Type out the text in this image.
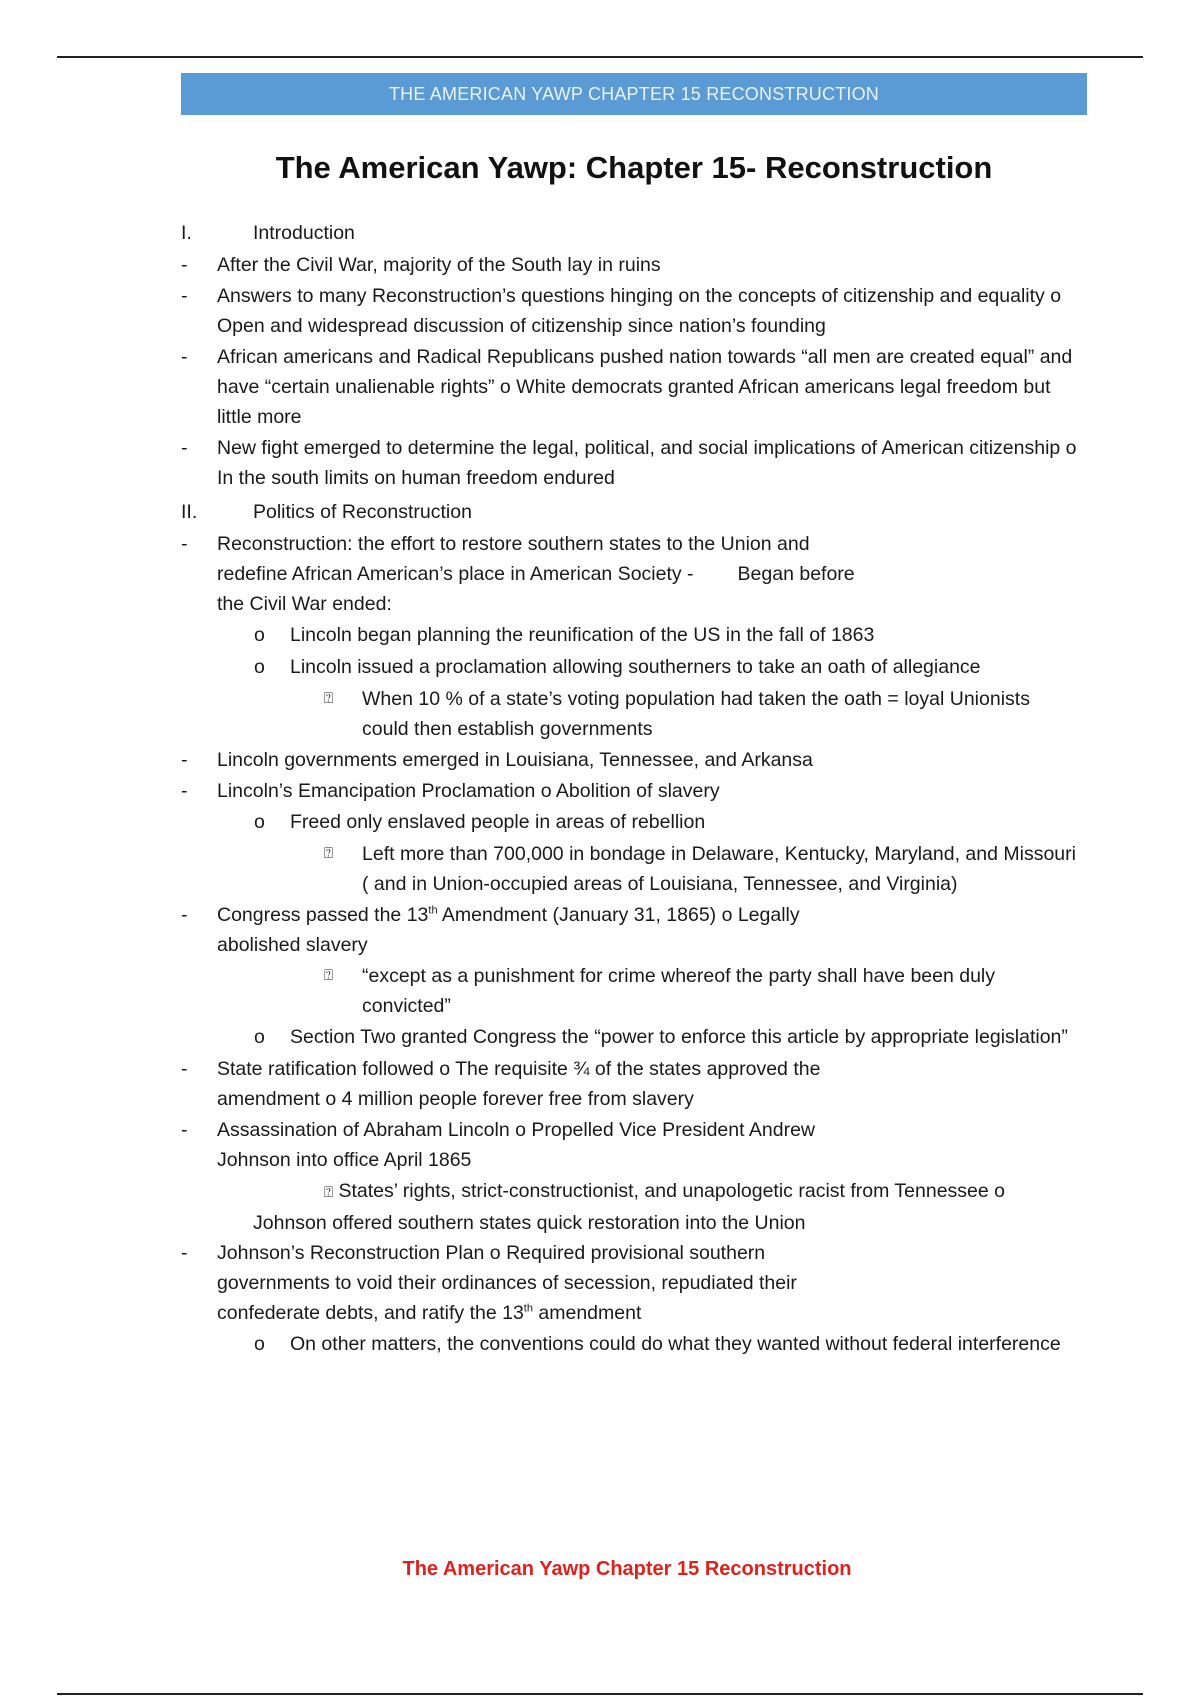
THE AMERICAN YAWP CHAPTER 15 RECONSTRUCTION
The American Yawp: Chapter 15- Reconstruction
I.	Introduction
- After the Civil War, majority of the South lay in ruins
- Answers to many Reconstruction’s questions hinging on the concepts of citizenship and equality o Open and widespread discussion of citizenship since nation’s founding
- African americans and Radical Republicans pushed nation towards “all men are created equal” and have “certain unalienable rights” o White democrats granted African americans legal freedom but little more
- New fight emerged to determine the legal, political, and social implications of American citizenship o In the south limits on human freedom endured
II.	Politics of Reconstruction
- Reconstruction: the effort to restore southern states to the Union and
redefine African American’s place in American Society - Began before
the Civil War ended:
o Lincoln began planning the reunification of the US in the fall of 1863
o Lincoln issued a proclamation allowing southerners to take an oath of allegiance
⍰ When 10 % of a state’s voting population had taken the oath = loyal Unionists could then establish governments
- Lincoln governments emerged in Louisiana, Tennessee, and Arkansa
- Lincoln’s Emancipation Proclamation o Abolition of slavery
o Freed only enslaved people in areas of rebellion
⍰ Left more than 700,000 in bondage in Delaware, Kentucky, Maryland, and Missouri ( and in Union-occupied areas of Louisiana, Tennessee, and Virginia)
- Congress passed the 13th Amendment (January 31, 1865) o Legally
abolished slavery
⍰ “except as a punishment for crime whereof the party shall have been duly convicted”
o Section Two granted Congress the “power to enforce this article by appropriate legislation”
- State ratification followed o The requisite ¾ of the states approved the
amendment o 4 million people forever free from slavery
- Assassination of Abraham Lincoln o Propelled Vice President Andrew
Johnson into office April 1865
⍰ States’ rights, strict-constructionist, and unapologetic racist from Tennessee o
Johnson offered southern states quick restoration into the Union
- Johnson’s Reconstruction Plan o Required provisional southern
governments to void their ordinances of secession, repudiated their
confederate debts, and ratify the 13th amendment
o On other matters, the conventions could do what they wanted without federal interference
The American Yawp Chapter 15 Reconstruction
